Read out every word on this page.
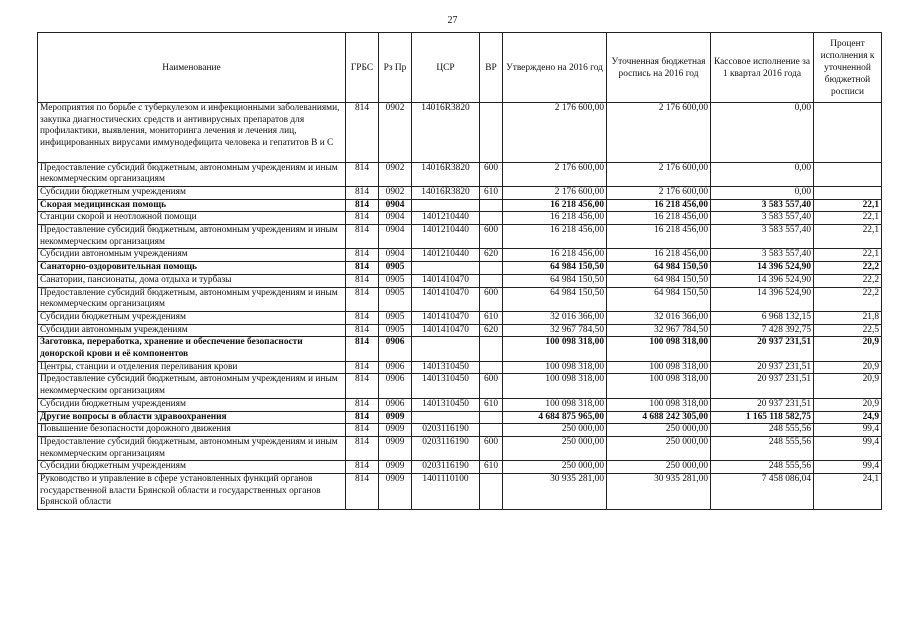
27
Наименование	ГРБС	Рз Пр	ЦСР	ВР	Утверждено на 2016 год	Уточненная бюджетная роспись на 2016 год	Кассовое исполнение за 1 квартал 2016 года	Процент исполнения к уточненной бюджетной росписи
Мероприятия по борьбе с туберкулезом и инфекционными заболеваниями, закупка диагностических средств и антивирусных препаратов для профилактики, выявления, мониторинга лечения и лечения лиц, инфицированных вирусами иммунодефицита человека и гепатитов В и С	814	0902	14016R3820		2 176 600,00	2 176 600,00	0,00	
Предоставление субсидий бюджетным, автономным учреждениям и иным некоммерческим организациям	814	0902	14016R3820	600	2 176 600,00	2 176 600,00	0,00	
Субсидии бюджетным учреждениям	814	0902	14016R3820	610	2 176 600,00	2 176 600,00	0,00	
Скорая медицинская помощь	814	0904			16 218 456,00	16 218 456,00	3 583 557,40	22,1
Станции скорой и неотложной помощи	814	0904	1401210440		16 218 456,00	16 218 456,00	3 583 557,40	22,1
Предоставление субсидий бюджетным, автономным учреждениям и иным некоммерческим организациям	814	0904	1401210440	600	16 218 456,00	16 218 456,00	3 583 557,40	22,1
Субсидии автономным учреждениям	814	0904	1401210440	620	16 218 456,00	16 218 456,00	3 583 557,40	22,1
Санаторно-оздоровительная помощь	814	0905			64 984 150,50	64 984 150,50	14 396 524,90	22,2
Санатории, пансионаты, дома отдыха и турбазы	814	0905	1401410470		64 984 150,50	64 984 150,50	14 396 524,90	22,2
Предоставление субсидий бюджетным, автономным учреждениям и иным некоммерческим организациям	814	0905	1401410470	600	64 984 150,50	64 984 150,50	14 396 524,90	22,2
Субсидии бюджетным учреждениям	814	0905	1401410470	610	32 016 366,00	32 016 366,00	6 968 132,15	21,8
Субсидии автономным учреждениям	814	0905	1401410470	620	32 967 784,50	32 967 784,50	7 428 392,75	22,5
Заготовка, переработка, хранение и обеспечение безопасности донорской крови и её компонентов	814	0906			100 098 318,00	100 098 318,00	20 937 231,51	20,9
Центры, станции и отделения переливания крови	814	0906	1401310450		100 098 318,00	100 098 318,00	20 937 231,51	20,9
Предоставление субсидий бюджетным, автономным учреждениям и иным некоммерческим организациям	814	0906	1401310450	600	100 098 318,00	100 098 318,00	20 937 231,51	20,9
Субсидии бюджетным учреждениям	814	0906	1401310450	610	100 098 318,00	100 098 318,00	20 937 231,51	20,9
Другие вопросы в области здравоохранения	814	0909			4 684 875 965,00	4 688 242 305,00	1 165 118 582,75	24,9
Повышение безопасности дорожного движения	814	0909	0203116190		250 000,00	250 000,00	248 555,56	99,4
Предоставление субсидий бюджетным, автономным учреждениям и иным некоммерческим организациям	814	0909	0203116190	600	250 000,00	250 000,00	248 555,56	99,4
Субсидии бюджетным учреждениям	814	0909	0203116190	610	250 000,00	250 000,00	248 555,56	99,4
Руководство и управление в сфере установленных функций органов государственной власти Брянской области и государственных органов Брянской области	814	0909	1401110100		30 935 281,00	30 935 281,00	7 458 086,04	24,1
